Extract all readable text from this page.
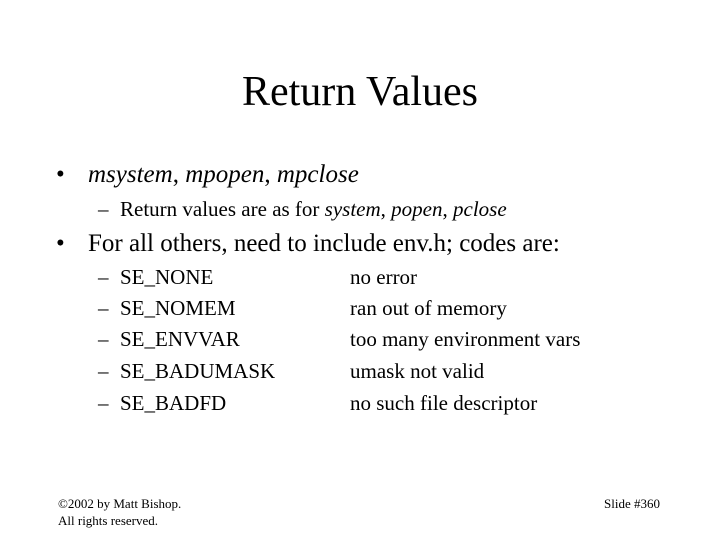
Return Values
• msystem, mpopen, mpclose
– Return values are as for system, popen, pclose
• For all others, need to include env.h; codes are:
– SE_NONE	no error
– SE_NOMEM	ran out of memory
– SE_ENVVAR	too many environment vars
– SE_BADUMASK	umask not valid
– SE_BADFD	no such file descriptor
©2002 by Matt Bishop.
All rights reserved.
Slide #360
